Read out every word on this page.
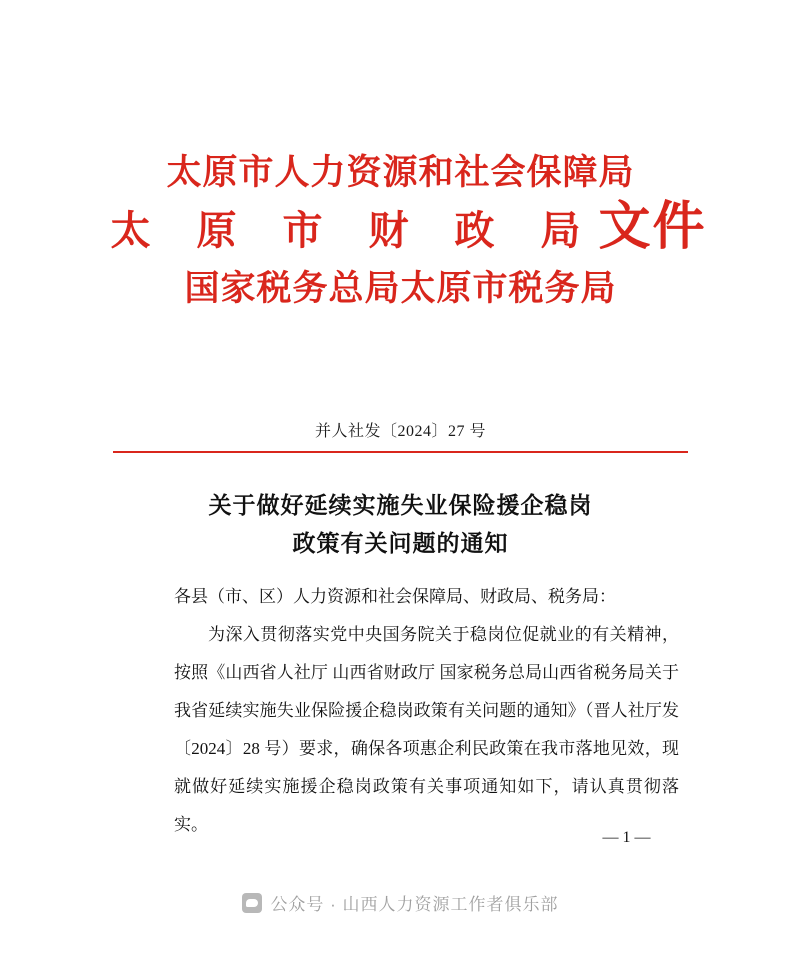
太原市人力资源和社会保障局
太 原 市 财 政 局 文件
国家税务总局太原市税务局
并人社发〔2024〕27 号
关于做好延续实施失业保险援企稳岗
政策有关问题的通知

各县（市、区）人力资源和社会保障局、财政局、税务局：

为深入贯彻落实党中央国务院关于稳岗位促就业的有关精神，按照《山西省人社厅 山西省财政厅 国家税务总局山西省税务局关于我省延续实施失业保险援企稳岗政策有关问题的通知》（晋人社厅发〔2024〕28 号）要求，确保各项惠企利民政策在我市落地见效，现就做好延续实施援企稳岗政策有关事项通知如下，请认真贯彻落实。

— 1 —
公众号 · 山西人力资源工作者俱乐部
